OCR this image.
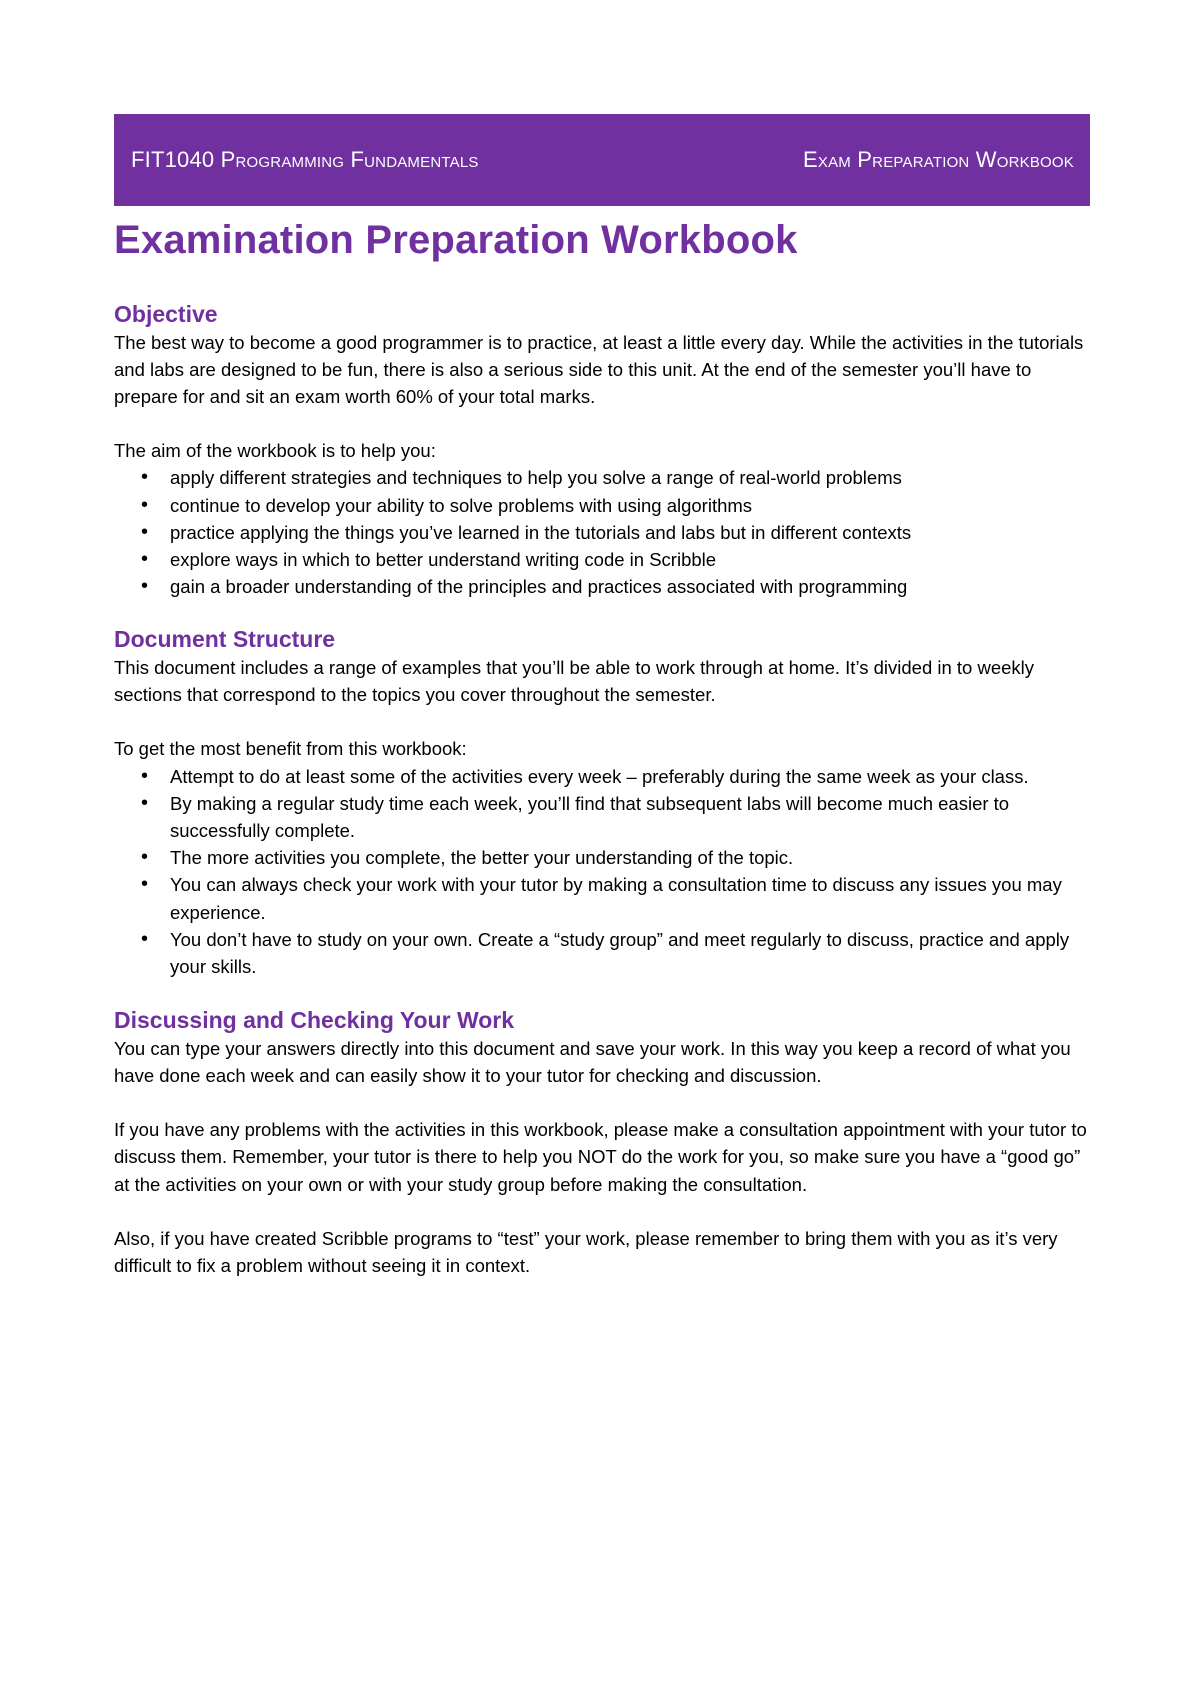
FIT1040 Programming Fundamentals	Exam Preparation Workbook
Examination Preparation Workbook
Objective

The best way to become a good programmer is to practice, at least a little every day. While the activities in the tutorials and labs are designed to be fun, there is also a serious side to this unit. At the end of the semester you’ll have to prepare for and sit an exam worth 60% of your total marks.

The aim of the workbook is to help you:

• apply different strategies and techniques to help you solve a range of real-world problems
• continue to develop your ability to solve problems with using algorithms
• practice applying the things you’ve learned in the tutorials and labs but in different contexts
• explore ways in which to better understand writing code in Scribble
• gain a broader understanding of the principles and practices associated with programming
Document Structure

This document includes a range of examples that you’ll be able to work through at home. It’s divided in to weekly sections that correspond to the topics you cover throughout the semester.

To get the most benefit from this workbook:

• Attempt to do at least some of the activities every week – preferably during the same week as your class.
• By making a regular study time each week, you’ll find that subsequent labs will become much easier to successfully complete.
• The more activities you complete, the better your understanding of the topic.
• You can always check your work with your tutor by making a consultation time to discuss any issues you may experience.
• You don’t have to study on your own. Create a “study group” and meet regularly to discuss, practice and apply your skills.
Discussing and Checking Your Work

You can type your answers directly into this document and save your work. In this way you keep a record of what you have done each week and can easily show it to your tutor for checking and discussion.

If you have any problems with the activities in this workbook, please make a consultation appointment with your tutor to discuss them. Remember, your tutor is there to help you NOT do the work for you, so make sure you have a “good go” at the activities on your own or with your study group before making the consultation.

Also, if you have created Scribble programs to “test” your work, please remember to bring them with you as it’s very difficult to fix a problem without seeing it in context.
